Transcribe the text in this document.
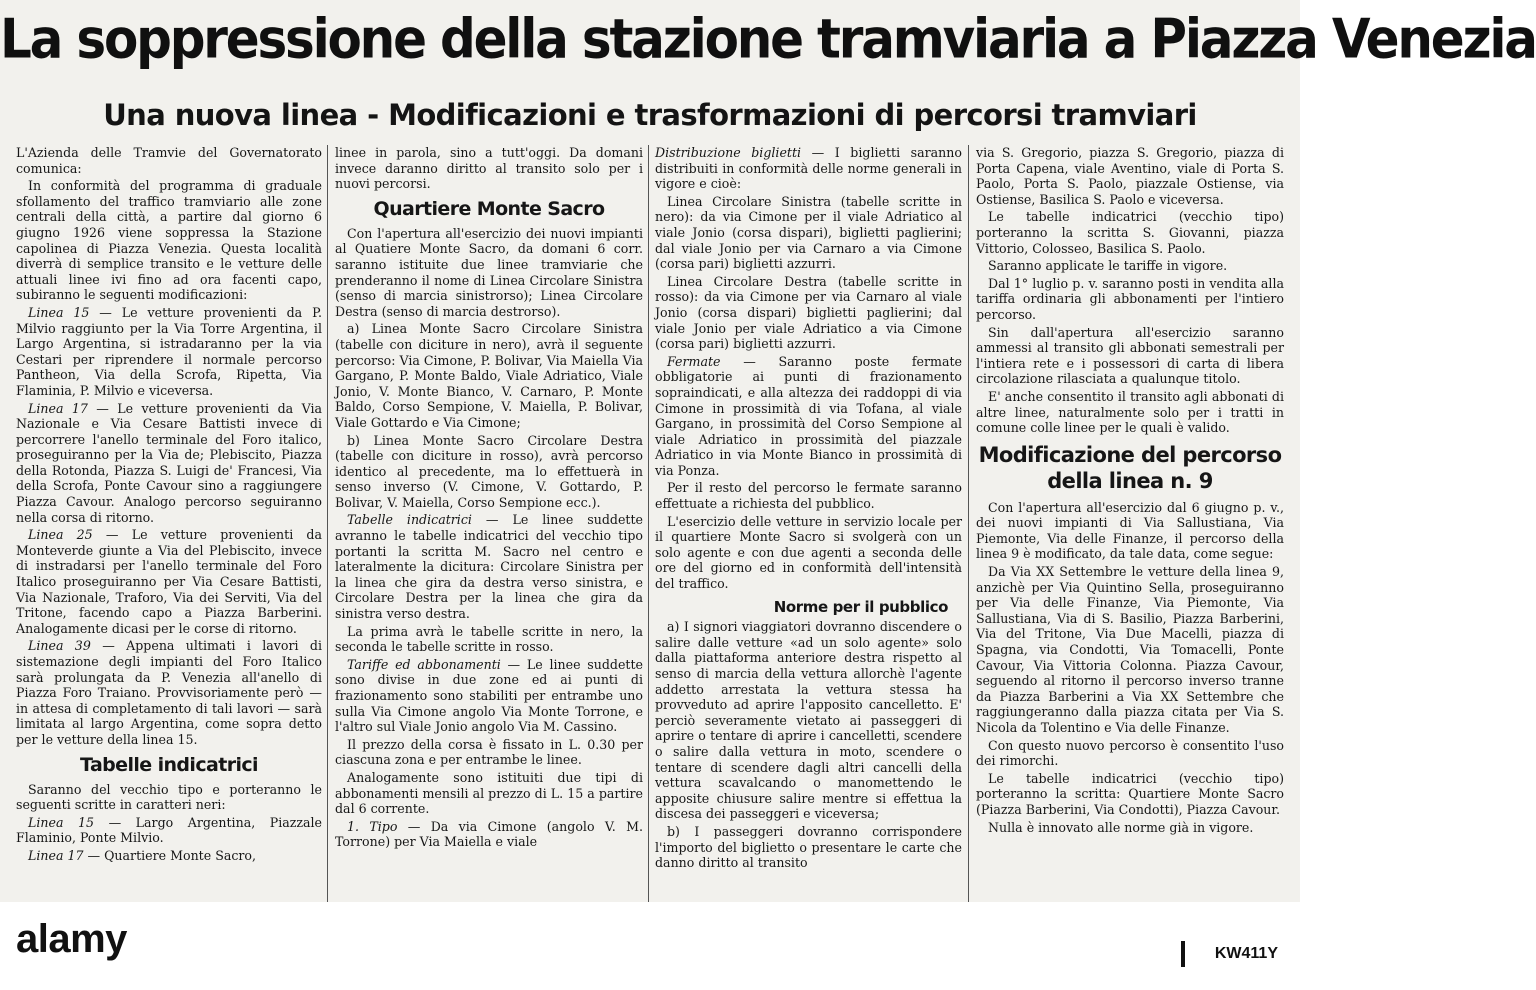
La soppressione della stazione tramviaria a Piazza Venezia
Una nuova linea - Modificazioni e trasformazioni di percorsi tramviari

L'Azienda delle Tramvie del Governatorato comunica:

In conformità del programma di graduale sfollamento del traffico tramviario alle zone centrali della città, a partire dal giorno 6 giugno 1926 viene soppressa la Stazione capolinea di Piazza Venezia. Questa località diverrà di semplice transito e le vetture delle attuali linee ivi fino ad ora facenti capo, subiranno le seguenti modificazioni:

Linea 15 — Le vetture provenienti da P. Milvio raggiunto per la Via Torre Argentina, il Largo Argentina, si istradaranno per la via Cestari per riprendere il normale percorso Pantheon, Via della Scrofa, Ripetta, Via Flaminia, P. Milvio e viceversa.

Linea 17 — Le vetture provenienti da Via Nazionale e Via Cesare Battisti invece di percorrere l'anello terminale del Foro italico, proseguiranno per la Via de; Plebiscito, Piazza della Rotonda, Piazza S. Luigi de' Francesi, Via della Scrofa, Ponte Cavour sino a raggiungere Piazza Cavour. Analogo percorso seguiranno nella corsa di ritorno.

Linea 25 — Le vetture provenienti da Monteverde giunte a Via del Plebiscito, invece di instradarsi per l'anello terminale del Foro Italico proseguiranno per Via Cesare Battisti, Via Nazionale, Traforo, Via dei Serviti, Via del Tritone, facendo capo a Piazza Barberini. Analogamente dicasi per le corse di ritorno.

Linea 39 — Appena ultimati i lavori di sistemazione degli impianti del Foro Italico sarà prolungata da P. Venezia all'anello di Piazza Foro Traiano. Provvisoriamente però — in attesa di completamento di tali lavori — sarà limitata al largo Argentina, come sopra detto per le vetture della linea 15.

Tabelle indicatrici

Saranno del vecchio tipo e porteranno le seguenti scritte in caratteri neri:

Linea 15 — Largo Argentina, Piazzale Flaminio, Ponte Milvio.

Linea 17 — Quartiere Monte Sacro,

linee in parola, sino a tutt'oggi. Da domani invece daranno diritto al transito solo per i nuovi percorsi.

Quartiere Monte Sacro

Con l'apertura all'esercizio dei nuovi impianti al Quatiere Monte Sacro, da domani 6 corr. saranno istituite due linee tramviarie che prenderanno il nome di Linea Circolare Sinistra (senso di marcia sinistrorso); Linea Circolare Destra (senso di marcia destrorso).

a) Linea Monte Sacro Circolare Sinistra (tabelle con diciture in nero), avrà il seguente percorso: Via Cimone, P. Bolivar, Via Maiella Via Gargano, P. Monte Baldo, Viale Adriatico, Viale Jonio, V. Monte Bianco, V. Carnaro, P. Monte Baldo, Corso Sempione, V. Maiella, P. Bolivar, Viale Gottardo e Via Cimone;

b) Linea Monte Sacro Circolare Destra (tabelle con diciture in rosso), avrà percorso identico al precedente, ma lo effettuerà in senso inverso (V. Cimone, V. Gottardo, P. Bolivar, V. Maiella, Corso Sempione ecc.).

Tabelle indicatrici — Le linee suddette avranno le tabelle indicatrici del vecchio tipo portanti la scritta M. Sacro nel centro e lateralmente la dicitura: Circolare Sinistra per la linea che gira da destra verso sinistra, e Circolare Destra per la linea che gira da sinistra verso destra.

La prima avrà le tabelle scritte in nero, la seconda le tabelle scritte in rosso.

Tariffe ed abbonamenti — Le linee suddette sono divise in due zone ed ai punti di frazionamento sono stabiliti per entrambe uno sulla Via Cimone angolo Via Monte Torrone, e l'altro sul Viale Jonio angolo Via M. Cassino.

Il prezzo della corsa è fissato in L. 0.30 per ciascuna zona e per entrambe le linee.

Analogamente sono istituiti due tipi di abbonamenti mensili al prezzo di L. 15 a partire dal 6 corrente.

1. Tipo — Da via Cimone (angolo V. M. Torrone) per Via Maiella e viale

Distribuzione biglietti — I biglietti saranno distribuiti in conformità delle norme generali in vigore e cioè:

Linea Circolare Sinistra (tabelle scritte in nero): da via Cimone per il viale Adriatico al viale Jonio (corsa dispari), biglietti paglierini; dal viale Jonio per via Carnaro a via Cimone (corsa pari) biglietti azzurri.

Linea Circolare Destra (tabelle scritte in rosso): da via Cimone per via Carnaro al viale Jonio (corsa dispari) biglietti paglierini; dal viale Jonio per viale Adriatico a via Cimone (corsa pari) biglietti azzurri.

Fermate — Saranno poste fermate obbligatorie ai punti di frazionamento sopraindicati, e alla altezza dei raddoppi di via Cimone in prossimità di via Tofana, al viale Gargano, in prossimità del Corso Sempione al viale Adriatico in prossimità del piazzale Adriatico in via Monte Bianco in prossimità di via Ponza.

Per il resto del percorso le fermate saranno effettuate a richiesta del pubblico.

L'esercizio delle vetture in servizio locale per il quartiere Monte Sacro si svolgerà con un solo agente e con due agenti a seconda delle ore del giorno ed in conformità dell'intensità del traffico.

Norme per il pubblico

a) I signori viaggiatori dovranno discendere o salire dalle vetture «ad un solo agente» solo dalla piattaforma anteriore destra rispetto al senso di marcia della vettura allorchè l'agente addetto arrestata la vettura stessa ha provveduto ad aprire l'apposito cancelletto. E' perciò severamente vietato ai passeggeri di aprire o tentare di aprire i cancelletti, scendere o salire dalla vettura in moto, scendere o tentare di scendere dagli altri cancelli della vettura scavalcando o manomettendo le apposite chiusure salire mentre si effettua la discesa dei passeggeri e viceversa;

b) I passeggeri dovranno corrispondere l'importo del biglietto o presentare le carte che danno diritto al transito

via S. Gregorio, piazza S. Gregorio, piazza di Porta Capena, viale Aventino, viale di Porta S. Paolo, Porta S. Paolo, piazzale Ostiense, via Ostiense, Basilica S. Paolo e viceversa.

Le tabelle indicatrici (vecchio tipo) porteranno la scritta S. Giovanni, piazza Vittorio, Colosseo, Basilica S. Paolo.

Saranno applicate le tariffe in vigore.

Dal 1° luglio p. v. saranno posti in vendita alla tariffa ordinaria gli abbonamenti per l'intiero percorso.

Sin dall'apertura all'esercizio saranno ammessi al transito gli abbonati semestrali per l'intiera rete e i possessori di carta di libera circolazione rilasciata a qualunque titolo.

E' anche consentito il transito agli abbonati di altre linee, naturalmente solo per i tratti in comune colle linee per le quali è valido.

Modificazione del percorso
della linea n. 9

Con l'apertura all'esercizio dal 6 giugno p. v., dei nuovi impianti di Via Sallustiana, Via Piemonte, Via delle Finanze, il percorso della linea 9 è modificato, da tale data, come segue:

Da Via XX Settembre le vetture della linea 9, anzichè per Via Quintino Sella, proseguiranno per Via delle Finanze, Via Piemonte, Via Sallustiana, Via di S. Basilio, Piazza Barberini, Via del Tritone, Via Due Macelli, piazza di Spagna, via Condotti, Via Tomacelli, Ponte Cavour, Via Vittoria Colonna. Piazza Cavour, seguendo al ritorno il percorso inverso tranne da Piazza Barberini a Via XX Settembre che raggiungeranno dalla piazza citata per Via S. Nicola da Tolentino e Via delle Finanze.

Con questo nuovo percorso è consentito l'uso dei rimorchi.

Le tabelle indicatrici (vecchio tipo) porteranno la scritta: Quartiere Monte Sacro (Piazza Barberini, Via Condotti), Piazza Cavour.

Nulla è innovato alle norme già in vigore.

alamy	KW411Y
